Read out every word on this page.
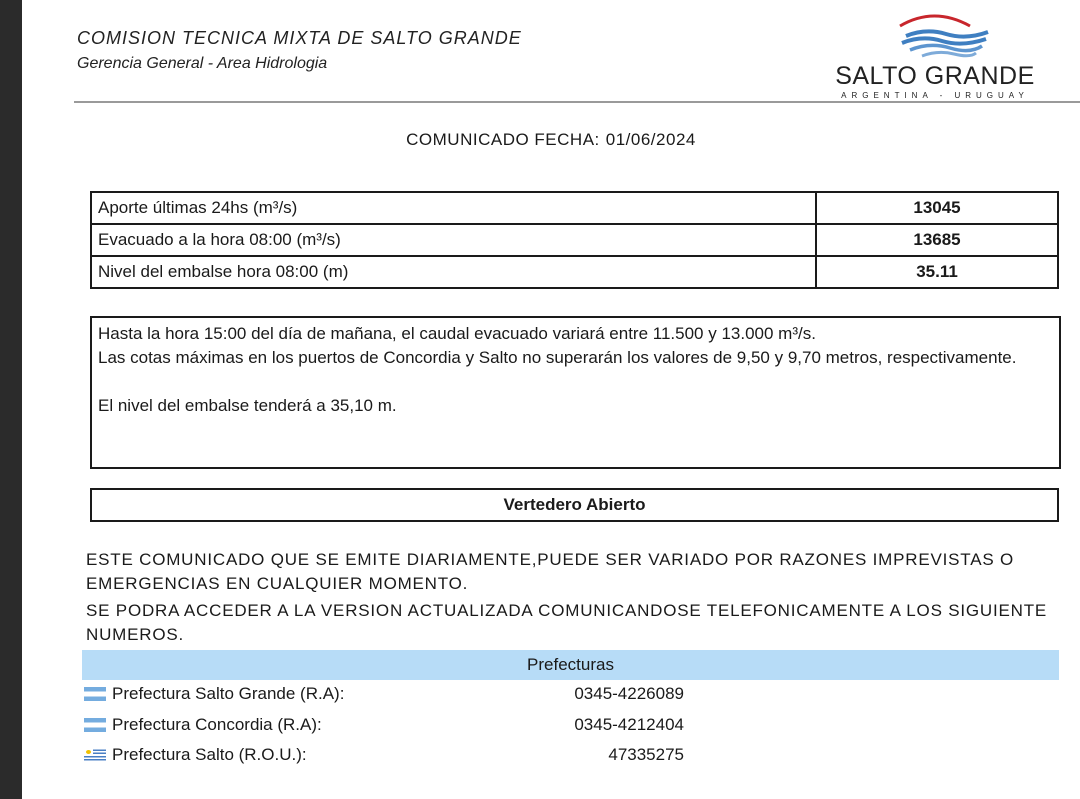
COMISION TECNICA MIXTA DE SALTO GRANDE
Gerencia General - Area Hidrologia	SALTO GRANDE
ARGENTINA - URUGUAY
COMUNICADO FECHA: 01/06/2024
Aporte últimas 24hs (m³/s)	13045
Evacuado a la hora 08:00 (m³/s)	13685
Nivel del embalse hora 08:00 (m)	35.11

Hasta la hora 15:00 del día de mañana, el caudal evacuado variará entre 11.500 y 13.000 m³/s.

Las cotas máximas en los puertos de Concordia y Salto no superarán los valores de 9,50 y 9,70 metros, respectivamente.

El nivel del embalse tenderá a 35,10 m.

Vertedero Abierto
ESTE COMUNICADO QUE SE EMITE DIARIAMENTE,PUEDE SER VARIADO POR RAZONES IMPREVISTAS O EMERGENCIAS EN CUALQUIER MOMENTO.
SE PODRA ACCEDER A LA VERSION ACTUALIZADA COMUNICANDOSE TELEFONICAMENTE A LOS SIGUIENTE NUMEROS.
Prefecturas
Prefectura Salto Grande (R.A):	0345-4226089
Prefectura Concordia (R.A):	0345-4212404
Prefectura Salto (R.O.U.):	47335275
